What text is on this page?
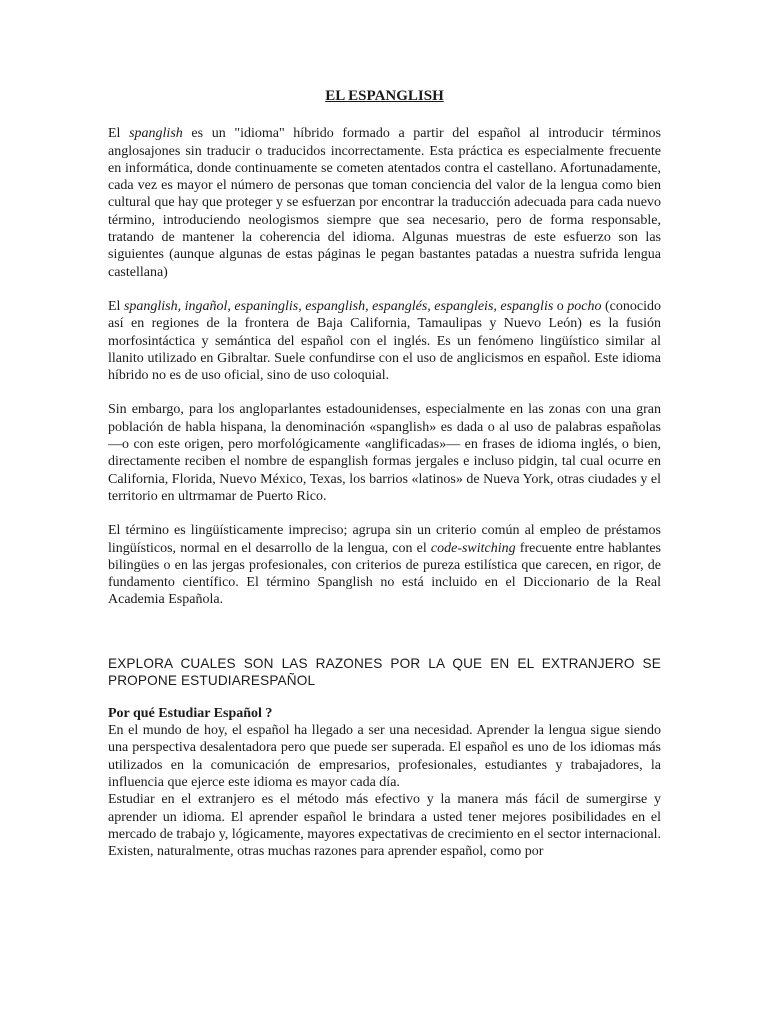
EL ESPANGLISH

El spanglish es un "idioma" híbrido formado a partir del español al introducir términos anglosajones sin traducir o traducidos incorrectamente. Esta práctica es especialmente frecuente en informática, donde continuamente se cometen atentados contra el castellano. Afortunadamente, cada vez es mayor el número de personas que toman conciencia del valor de la lengua como bien cultural que hay que proteger y se esfuerzan por encontrar la traducción adecuada para cada nuevo término, introduciendo neologismos siempre que sea necesario, pero de forma responsable, tratando de mantener la coherencia del idioma. Algunas muestras de este esfuerzo son las siguientes (aunque algunas de estas páginas le pegan bastantes patadas a nuestra sufrida lengua castellana)

El spanglish, ingañol, espaninglis, espanglish, espanglés, espangleis, espanglis o pocho (conocido así en regiones de la frontera de Baja California, Tamaulipas y Nuevo León) es la fusión morfosintáctica y semántica del español con el inglés. Es un fenómeno lingüístico similar al llanito utilizado en Gibraltar. Suele confundirse con el uso de anglicismos en español. Este idioma híbrido no es de uso oficial, sino de uso coloquial.

Sin embargo, para los angloparlantes estadounidenses, especialmente en las zonas con una gran población de habla hispana, la denominación «spanglish» es dada o al uso de palabras españolas —o con este origen, pero morfológicamente «anglificadas»— en frases de idioma inglés, o bien, directamente reciben el nombre de espanglish formas jergales e incluso pidgin, tal cual ocurre en California, Florida, Nuevo México, Texas, los barrios «latinos» de Nueva York, otras ciudades y el territorio en ultrmamar de Puerto Rico.

El término es lingüísticamente impreciso; agrupa sin un criterio común al empleo de préstamos lingüísticos, normal en el desarrollo de la lengua, con el code-switching frecuente entre hablantes bilingües o en las jergas profesionales, con criterios de pureza estilística que carecen, en rigor, de fundamento científico. El término Spanglish no está incluido en el Diccionario de la Real Academia Española.

EXPLORA CUALES SON LAS RAZONES POR LA QUE EN EL EXTRANJERO SE PROPONE ESTUDIARESPAÑOL
Por qué Estudiar Español ?

En el mundo de hoy, el español ha llegado a ser una necesidad. Aprender la lengua sigue siendo una perspectiva desalentadora pero que puede ser superada. El español es uno de los idiomas más utilizados en la comunicación de empresarios, profesionales, estudiantes y trabajadores, la influencia que ejerce este idioma es mayor cada día.

Estudiar en el extranjero es el método más efectivo y la manera más fácil de sumergirse y aprender un idioma. El aprender español le brindara a usted tener mejores posibilidades en el mercado de trabajo y, lógicamente, mayores expectativas de crecimiento en el sector internacional. Existen, naturalmente, otras muchas razones para aprender español, como por
